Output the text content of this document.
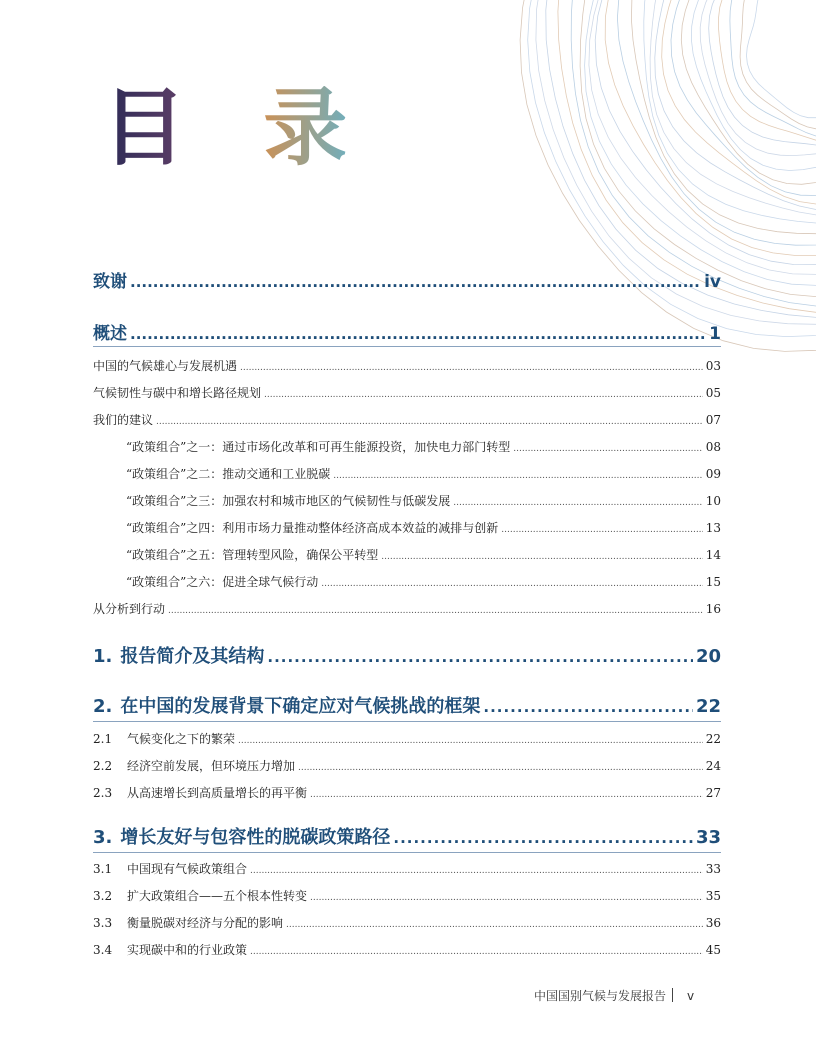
目 录
致谢 .....	iv
概述 .....	1
中国的气候雄心与发展机遇 .....	03
气候韧性与碳中和增长路径规划 .....	05
我们的建议 .....	07
“政策组合”之一：通过市场化改革和可再生能源投资，加快电力部门转型 .....	08
“政策组合”之二：推动交通和工业脱碳 .....	09
“政策组合”之三：加强农村和城市地区的气候韧性与低碳发展 .....	10
“政策组合”之四：利用市场力量推动整体经济高成本效益的减排与创新 .....	13
“政策组合”之五：管理转型风险，确保公平转型 .....	14
“政策组合”之六：促进全球气候行动 .....	15
从分析到行动 .....	16
1. 报告简介及其结构 .....	20
2. 在中国的发展背景下确定应对气候挑战的框架 .....	22
2.1 气候变化之下的繁荣 .....	22
2.2 经济空前发展，但环境压力增加 .....	24
2.3 从高速增长到高质量增长的再平衡 .....	27
3. 增长友好与包容性的脱碳政策路径 .....	33
3.1 中国现有气候政策组合 .....	33
3.2 扩大政策组合——五个根本性转变 .....	35
3.3 衡量脱碳对经济与分配的影响 .....	36
3.4 实现碳中和的行业政策 .....	45
中国国别气候与发展报告 v
